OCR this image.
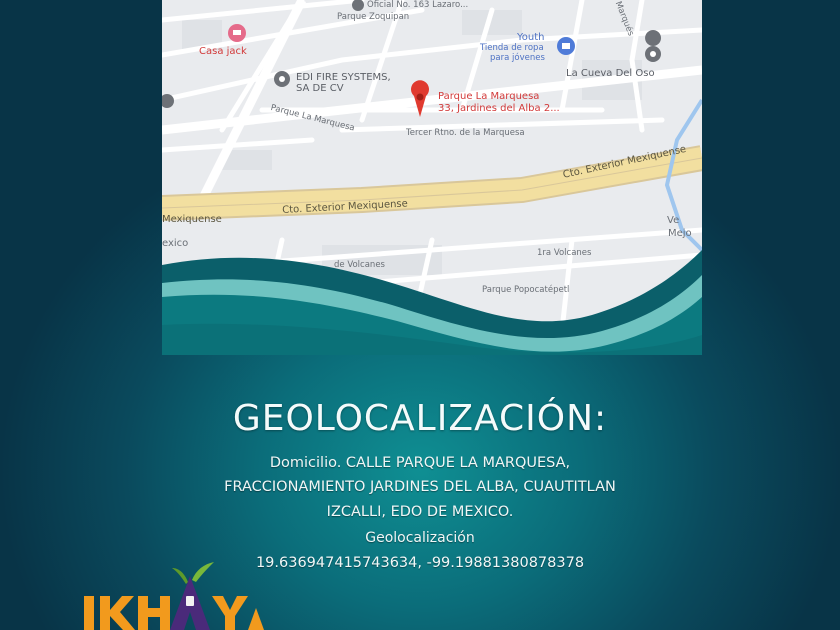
Oficial No. 163 Lazaro...
Parque Zoquipan
Youth
Tienda de ropa
para jóvenes
Marqués
Casa jack
La Cueva Del Oso
EDI FIRE SYSTEMS,
SA DE CV
Parque La Marquesa
33, Jardines del Alba 2...
Parque La Marquesa	Tercer Rtno. de la Marquesa
Cto. Exterior Mexiquense
Cto. Exterior Mexiquense
Mexiquense
exico
Ve
Mejo
de Volcanes
1ra Volcanes
Parque Popocatépetl
GEOLOCALIZACIÓN:
Domicilio. CALLE PARQUE LA MARQUESA,
FRACCIONAMIENTO JARDINES DEL ALBA, CUAUTITLAN
IZCALLI, EDO DE MEXICO.
Geolocalización
19.636947415743634, -99.19881380878378
